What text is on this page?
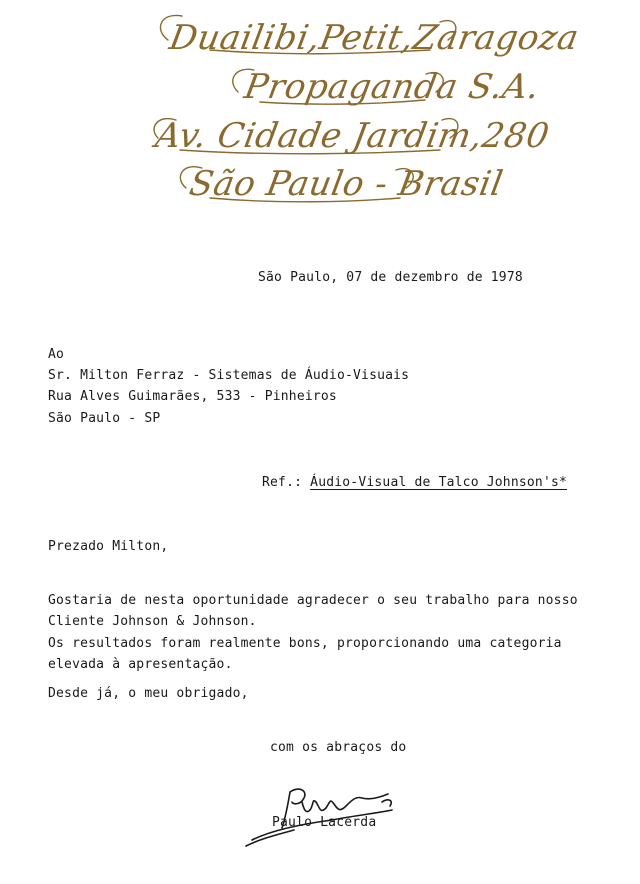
Duailibi,Petit,Zaragoza
Propaganda S.A.
Av. Cidade Jardim,280
São Paulo - Brasil
São Paulo, 07 de dezembro de 1978
Ao
Sr. Milton Ferraz - Sistemas de Áudio-Visuais
Rua Alves Guimarães, 533 - Pinheiros
São Paulo - SP
Ref.: Áudio-Visual de Talco Johnson's*
Prezado Milton,
Gostaria de nesta oportunidade agradecer o seu trabalho para nosso
Cliente Johnson & Johnson.
Os resultados foram realmente bons, proporcionando uma categoria
elevada à apresentação.
Desde já, o meu obrigado,
com os abraços do
Paulo Lacerda
